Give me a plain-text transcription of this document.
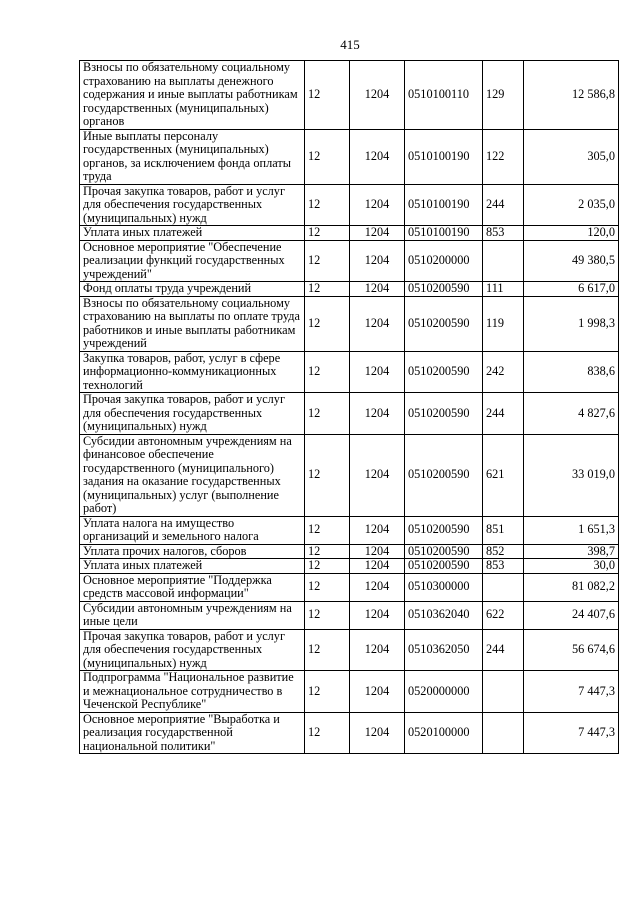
415
Взносы по обязательному социальному страхованию на выплаты денежного содержания и иные выплаты работникам государственных (муниципальных) органов	12	1204	0510100110	129	12 586,8
Иные выплаты персоналу государственных (муниципальных) органов, за исключением фонда оплаты труда	12	1204	0510100190	122	305,0
Прочая закупка товаров, работ и услуг для обеспечения государственных (муниципальных) нужд	12	1204	0510100190	244	2 035,0
Уплата иных платежей	12	1204	0510100190	853	120,0
Основное мероприятие "Обеспечение реализации функций государственных учреждений"	12	1204	0510200000		49 380,5
Фонд оплаты труда учреждений	12	1204	0510200590	111	6 617,0
Взносы по обязательному социальному страхованию на выплаты по оплате труда работников и иные выплаты работникам учреждений	12	1204	0510200590	119	1 998,3
Закупка товаров, работ, услуг в сфере информационно-коммуникационных технологий	12	1204	0510200590	242	838,6
Прочая закупка товаров, работ и услуг для обеспечения государственных (муниципальных) нужд	12	1204	0510200590	244	4 827,6
Субсидии автономным учреждениям на финансовое обеспечение государственного (муниципального) задания на оказание государственных (муниципальных) услуг (выполнение работ)	12	1204	0510200590	621	33 019,0
Уплата налога на имущество организаций и земельного налога	12	1204	0510200590	851	1 651,3
Уплата прочих налогов, сборов	12	1204	0510200590	852	398,7
Уплата иных платежей	12	1204	0510200590	853	30,0
Основное мероприятие "Поддержка средств массовой информации"	12	1204	0510300000		81 082,2
Субсидии автономным учреждениям на иные цели	12	1204	0510362040	622	24 407,6
Прочая закупка товаров, работ и услуг для обеспечения государственных (муниципальных) нужд	12	1204	0510362050	244	56 674,6
Подпрограмма "Национальное развитие и межнациональное сотрудничество в Чеченской Республике"	12	1204	0520000000		7 447,3
Основное мероприятие "Выработка и реализация государственной национальной политики"	12	1204	0520100000		7 447,3
